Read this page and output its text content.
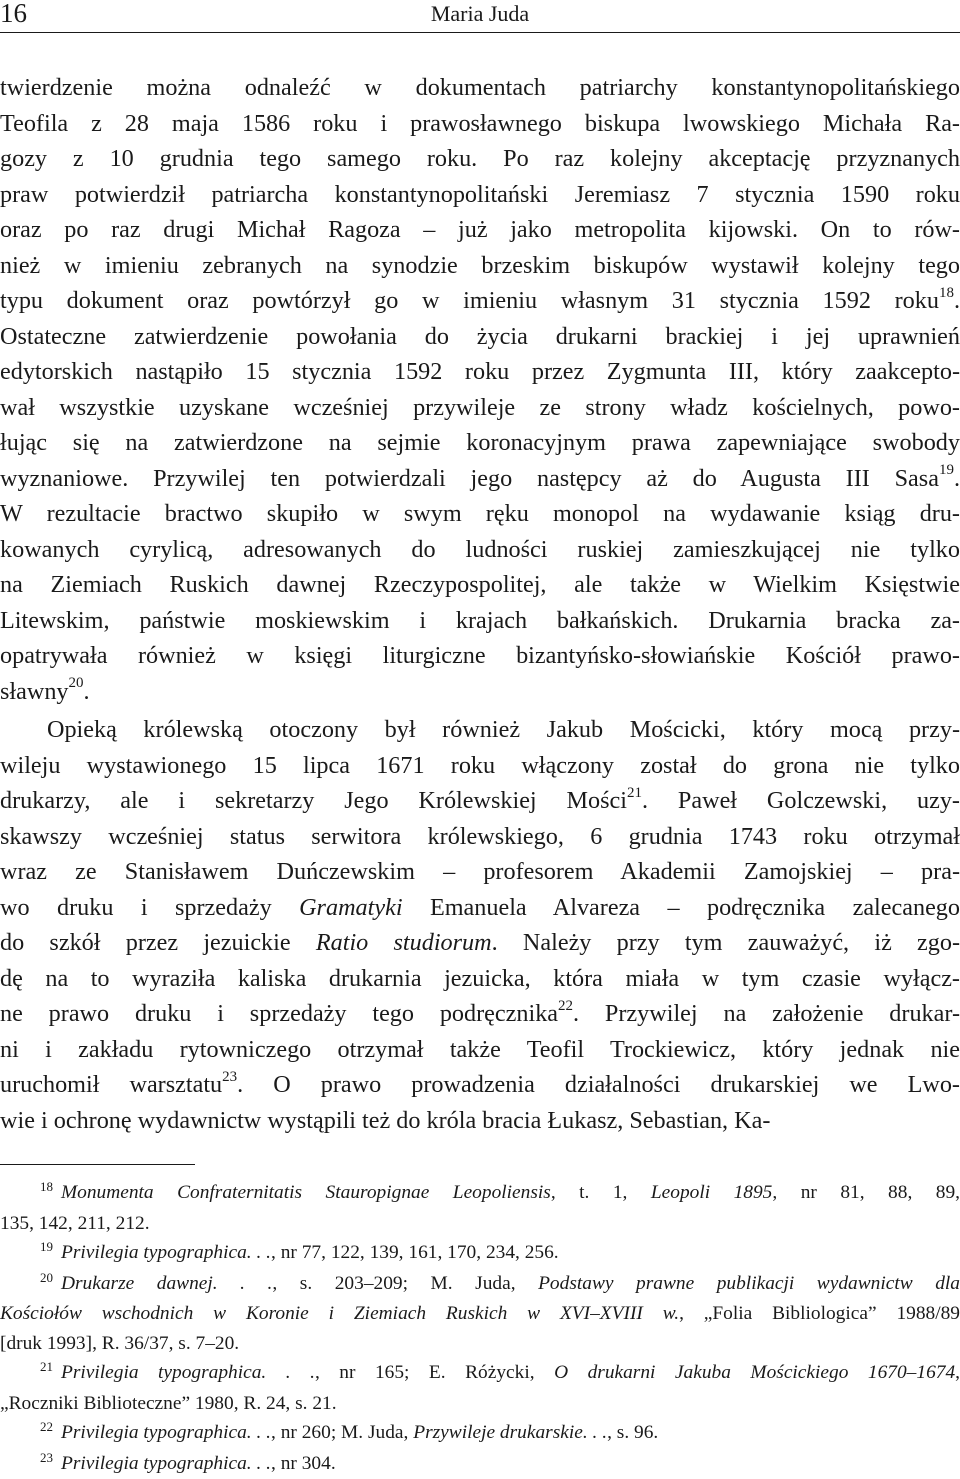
16	Maria Juda
twierdzenie można odnaleźć w dokumentach patriarchy konstantynopolitańskiego
Teofila z 28 maja 1586 roku i prawosławnego biskupa lwowskiego Michała Ra-
gozy z 10 grudnia tego samego roku. Po raz kolejny akceptację przyznanych
praw potwierdził patriarcha konstantynopolitański Jeremiasz 7 stycznia 1590 roku
oraz po raz drugi Michał Ragoza – już jako metropolita kijowski. On to rów-
nież w imieniu zebranych na synodzie brzeskim biskupów wystawił kolejny tego
typu dokument oraz powtórzył go w imieniu własnym 31 stycznia 1592 roku$^{18}$.
Ostateczne zatwierdzenie powołania do życia drukarni brackiej i jej uprawnień
edytorskich nastąpiło 15 stycznia 1592 roku przez Zygmunta III, który zaakcepto-
wał wszystkie uzyskane wcześniej przywileje ze strony władz kościelnych, powo-
łując się na zatwierdzone na sejmie koronacyjnym prawa zapewniające swobody
wyznaniowe. Przywilej ten potwierdzali jego następcy aż do Augusta III Sasa$^{19}$.
W rezultacie bractwo skupiło w swym ręku monopol na wydawanie ksiąg dru-
kowanych cyrylicą, adresowanych do ludności ruskiej zamieszkującej nie tylko
na Ziemiach Ruskich dawnej Rzeczypospolitej, ale także w Wielkim Księstwie
Litewskim, państwie moskiewskim i krajach bałkańskich. Drukarnia bracka za-
opatrywała również w księgi liturgiczne bizantyńsko-słowiańskie Kościół prawo-
sławny$^{20}$.
Opieką królewską otoczony był również Jakub Mościcki, który mocą przy-
wileju wystawionego 15 lipca 1671 roku włączony został do grona nie tylko
drukarzy, ale i sekretarzy Jego Królewskiej Mości$^{21}$. Paweł Golczewski, uzy-
skawszy wcześniej status serwitora królewskiego, 6 grudnia 1743 roku otrzymał
wraz ze Stanisławem Duńczewskim – profesorem Akademii Zamojskiej – pra-
wo druku i sprzedaży Gramatyki Emanuela Alvareza – podręcznika zalecanego
do szkół przez jezuickie Ratio studiorum. Należy przy tym zauważyć, iż zgo-
dę na to wyraziła kaliska drukarnia jezuicka, która miała w tym czasie wyłącz-
ne prawo druku i sprzedaży tego podręcznika$^{22}$. Przywilej na założenie drukar-
ni i zakładu rytowniczego otrzymał także Teofil Trockiewicz, który jednak nie
uruchomił warsztatu$^{23}$. O prawo prowadzenia działalności drukarskiej we Lwo-
wie i ochronę wydawnictw wystąpili też do króla bracia Łukasz, Sebastian, Ka-
$^{18}$ Monumenta Confraternitatis Stauropignae Leopoliensis, t. 1, Leopoli 1895, nr 81, 88, 89,
135, 142, 211, 212.
$^{19}$ Privilegia typographica. . ., nr 77, 122, 139, 161, 170, 234, 256.
$^{20}$ Drukarze dawnej. . ., s. 203–209; M. Juda, Podstawy prawne publikacji wydawnictw dla
Kościołów wschodnich w Koronie i Ziemiach Ruskich w XVI–XVIII w., „Folia Bibliologica” 1988/89
[druk 1993], R. 36/37, s. 7–20.
$^{21}$ Privilegia typographica. . ., nr 165; E. Różycki, O drukarni Jakuba Mościckiego 1670–1674,
„Roczniki Biblioteczne” 1980, R. 24, s. 21.
$^{22}$ Privilegia typographica. . ., nr 260; M. Juda, Przywileje drukarskie. . ., s. 96.
$^{23}$ Privilegia typographica. . ., nr 304.
